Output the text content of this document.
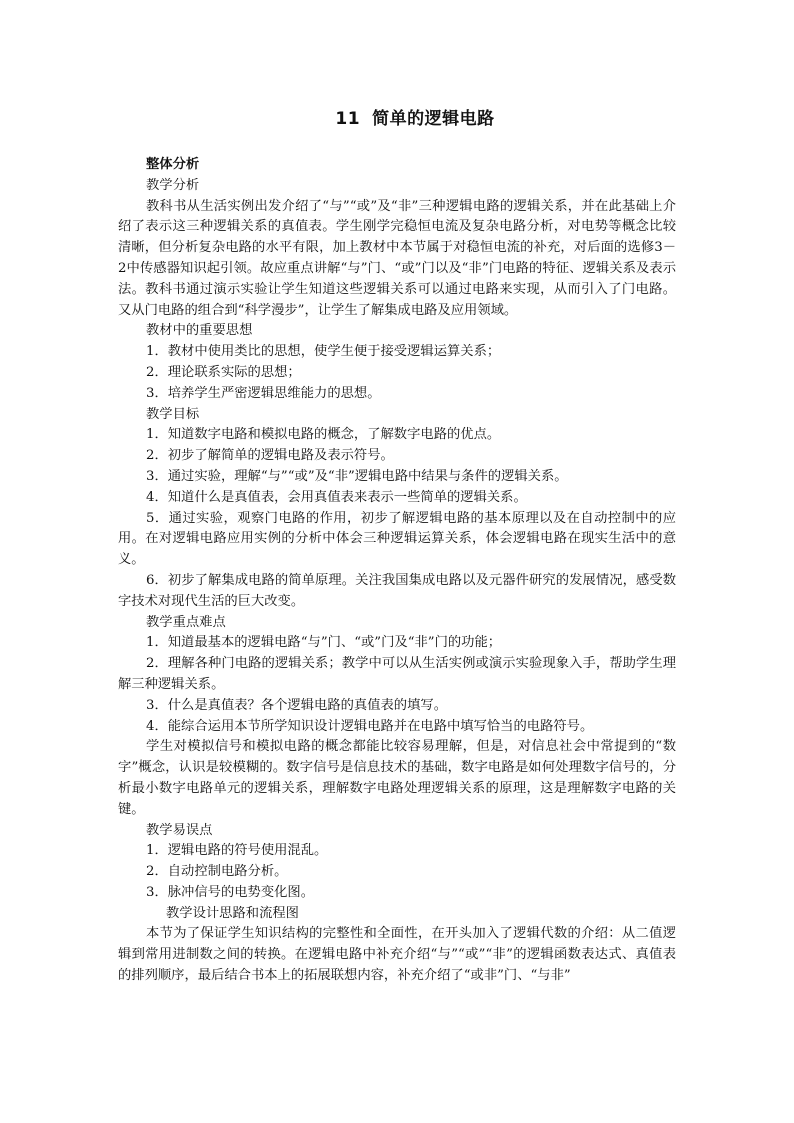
11 简单的逻辑电路

整体分析

教学分析

教科书从生活实例出发介绍了“与”“或”及“非”三种逻辑电路的逻辑关系，并在此基础上介绍了表示这三种逻辑关系的真值表。学生刚学完稳恒电流及复杂电路分析，对电势等概念比较清晰，但分析复杂电路的水平有限，加上教材中本节属于对稳恒电流的补充，对后面的选修3－2中传感器知识起引领。故应重点讲解“与”门、“或”门以及“非”门电路的特征、逻辑关系及表示法。教科书通过演示实验让学生知道这些逻辑关系可以通过电路来实现，从而引入了门电路。又从门电路的组合到“科学漫步”，让学生了解集成电路及应用领域。

教材中的重要思想

1．教材中使用类比的思想，使学生便于接受逻辑运算关系；

2．理论联系实际的思想；

3．培养学生严密逻辑思维能力的思想。

教学目标

1．知道数字电路和模拟电路的概念，了解数字电路的优点。

2．初步了解简单的逻辑电路及表示符号。

3．通过实验，理解“与”“或”及“非”逻辑电路中结果与条件的逻辑关系。

4．知道什么是真值表，会用真值表来表示一些简单的逻辑关系。

5．通过实验，观察门电路的作用，初步了解逻辑电路的基本原理以及在自动控制中的应用。在对逻辑电路应用实例的分析中体会三种逻辑运算关系，体会逻辑电路在现实生活中的意义。

6．初步了解集成电路的简单原理。关注我国集成电路以及元器件研究的发展情况，感受数字技术对现代生活的巨大改变。

教学重点难点

1．知道最基本的逻辑电路“与”门、“或”门及“非”门的功能；

2．理解各种门电路的逻辑关系；教学中可以从生活实例或演示实验现象入手，帮助学生理解三种逻辑关系。

3．什么是真值表？各个逻辑电路的真值表的填写。

4．能综合运用本节所学知识设计逻辑电路并在电路中填写恰当的电路符号。

学生对模拟信号和模拟电路的概念都能比较容易理解，但是，对信息社会中常提到的“数字”概念，认识是较模糊的。数字信号是信息技术的基础，数字电路是如何处理数字信号的，分析最小数字电路单元的逻辑关系，理解数字电路处理逻辑关系的原理，这是理解数字电路的关键。

教学易误点

1．逻辑电路的符号使用混乱。

2．自动控制电路分析。

3．脉冲信号的电势变化图。

教学设计思路和流程图

本节为了保证学生知识结构的完整性和全面性，在开头加入了逻辑代数的介绍：从二值逻辑到常用进制数之间的转换。在逻辑电路中补充介绍“与”“或”“非”的逻辑函数表达式、真值表的排列顺序，最后结合书本上的拓展联想内容，补充介绍了“或非”门、“与非”
